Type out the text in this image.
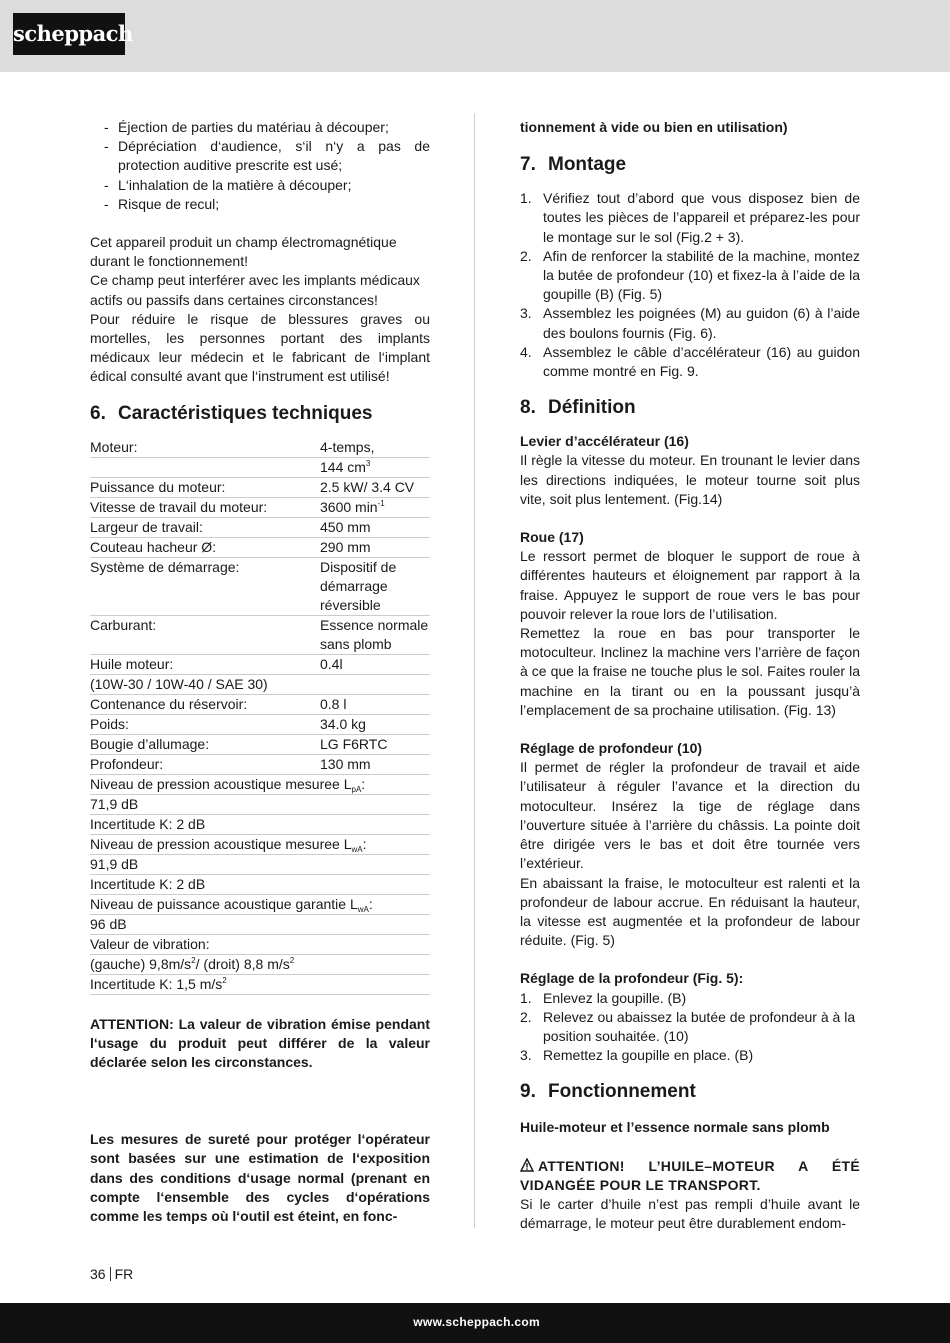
scheppach
- Éjection de parties du matériau à découper;
- Dépréciation d‘audience, s‘il n‘y a pas de protection auditive prescrite est usé;
- L‘inhalation de la matière à découper;
- Risque de recul;

Cet appareil produit un champ électromagnétique durant le fonctionnement!

Ce champ peut interférer avec les implants médicaux actifs ou passifs dans certaines circonstances!

Pour réduire le risque de blessures graves ou mortelles, les personnes portant des implants médicaux leur médecin et le fabricant de l‘implant édical consulté avant que l‘instrument est utilisé!

6. Caractéristiques techniques
Moteur:	4-temps,
	144 $cm^3$
Puissance du moteur:	2.5 kW/ 3.4 CV
Vitesse de travail du moteur:	3600 $\min^{-1}$
Largeur de travail:	450 mm
Couteau hacheur Ø:	290 mm
Système de démarrage:	Dispositif de démarrage réversible
Carburant:	Essence normale sans plomb
Huile moteur:	0.4l
(10W-30 / 10W-40 / SAE 30)	
Contenance du réservoir:	0.8 l
Poids:	34.0 kg
Bougie d’allumage:	LG F6RTC
Profondeur:	130 mm
Niveau de pression acoustique mesuree $L_{pA}$:	
71,9 dB	
Incertitude K: 2 dB	
Niveau de pression acoustique mesuree $L_{wA}$:	
91,9 dB	
Incertitude K: 2 dB	
Niveau de puissance acoustique garantie $L_{wA}$:	
96 dB	
Valeur de vibration:	
(gauche) $9,8m/s^2/$ (droit) 8,8 $m/s^2$
Incertitude K: 1,5 $m/s^2$

ATTENTION: La valeur de vibration émise pendant l‘usage du produit peut différer de la valeur déclarée selon les circonstances.

Les mesures de sureté pour protéger l‘opérateur sont basées sur une estimation de l‘exposition dans des conditions d‘usage normal (prenant en compte l‘ensemble des cycles d‘opérations comme les temps où l‘outil est éteint, en fonc-

tionnement à vide ou bien en utilisation)

7. Montage
1. Vérifiez tout d’abord que vous disposez bien de toutes les pièces de l’appareil et préparez-les pour le montage sur le sol (Fig.2 + 3).
2. Afin de renforcer la stabilité de la machine, montez la butée de profondeur (10) et fixez-la à l’aide de la goupille (B) (Fig. 5)
3. Assemblez les poignées (M) au guidon (6) à l’aide des boulons fournis (Fig. 6).
4. Assemblez le câble d’accélérateur (16) au guidon comme montré en Fig. 9.
8. Définition

Levier d’accélérateur (16)

Il règle la vitesse du moteur. En trounant le levier dans les directions indiquées, le moteur tourne soit plus vite, soit plus lentement. (Fig.14)

Roue (17)

Le ressort permet de bloquer le support de roue à différentes hauteurs et éloignement par rapport à la fraise. Appuyez le support de roue vers le bas pour pouvoir relever la roue lors de l’utilisation.

Remettez la roue en bas pour transporter le motoculteur. Inclinez la machine vers l’arrière de façon à ce que la fraise ne touche plus le sol. Faites rouler la machine en la tirant ou en la poussant jusqu’à l’emplacement de sa prochaine utilisation. (Fig. 13)

Réglage de profondeur (10)

Il permet de régler la profondeur de travail et aide l’utilisateur à réguler l’avance et la direction du motoculteur. Insérez la tige de réglage dans l’ouverture située à l’arrière du châssis. La pointe doit être dirigée vers le bas et doit être tournée vers l’extérieur.

En abaissant la fraise, le motoculteur est ralenti et la profondeur de labour accrue. En réduisant la hauteur, la vitesse est augmentée et la profondeur de labour réduite. (Fig. 5)

Réglage de la profondeur (Fig. 5):

1. Enlevez la goupille. (B)
2. Relevez ou abaissez la butée de profondeur à à la position souhaitée. (10)
3. Remettez la goupille en place. (B)
9. Fonctionnement

Huile-moteur et l’essence normale sans plomb

ATTENTION! L’HUILE–MOTEUR A ÉTÉ VIDANGÉE POUR LE TRANSPORT.

Si le carter d’huile n’est pas rempli d’huile avant le démarrage, le moteur peut être durablement endom-

36 FR
www.scheppach.com
